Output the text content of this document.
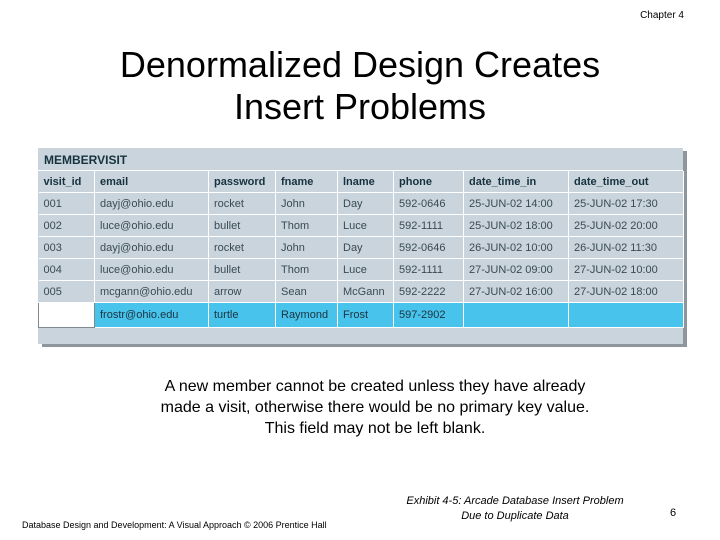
Chapter 4
Denormalized Design Creates
Insert Problems
MEMBERVISIT
visit_id	email	password	fname	lname	phone	date_time_in	date_time_out
001	dayj@ohio.edu	rocket	John	Day	592-0646	25-JUN-02 14:00	25-JUN-02 17:30
002	luce@ohio.edu	bullet	Thom	Luce	592-1111	25-JUN-02 18:00	25-JUN-02 20:00
003	dayj@ohio.edu	rocket	John	Day	592-0646	26-JUN-02 10:00	26-JUN-02 11:30
004	luce@ohio.edu	bullet	Thom	Luce	592-1111	27-JUN-02 09:00	27-JUN-02 10:00
005	mcgann@ohio.edu	arrow	Sean	McGann	592-2222	27-JUN-02 16:00	27-JUN-02 18:00
	frostr@ohio.edu	turtle	Raymond	Frost	597-2902		
A new member cannot be created unless they have already made a visit, otherwise there would be no primary key value. This field may not be left blank.
Database Design and Development: A Visual Approach © 2006 Prentice Hall
Exhibit 4-5: Arcade Database Insert Problem
Due to Duplicate Data	6
